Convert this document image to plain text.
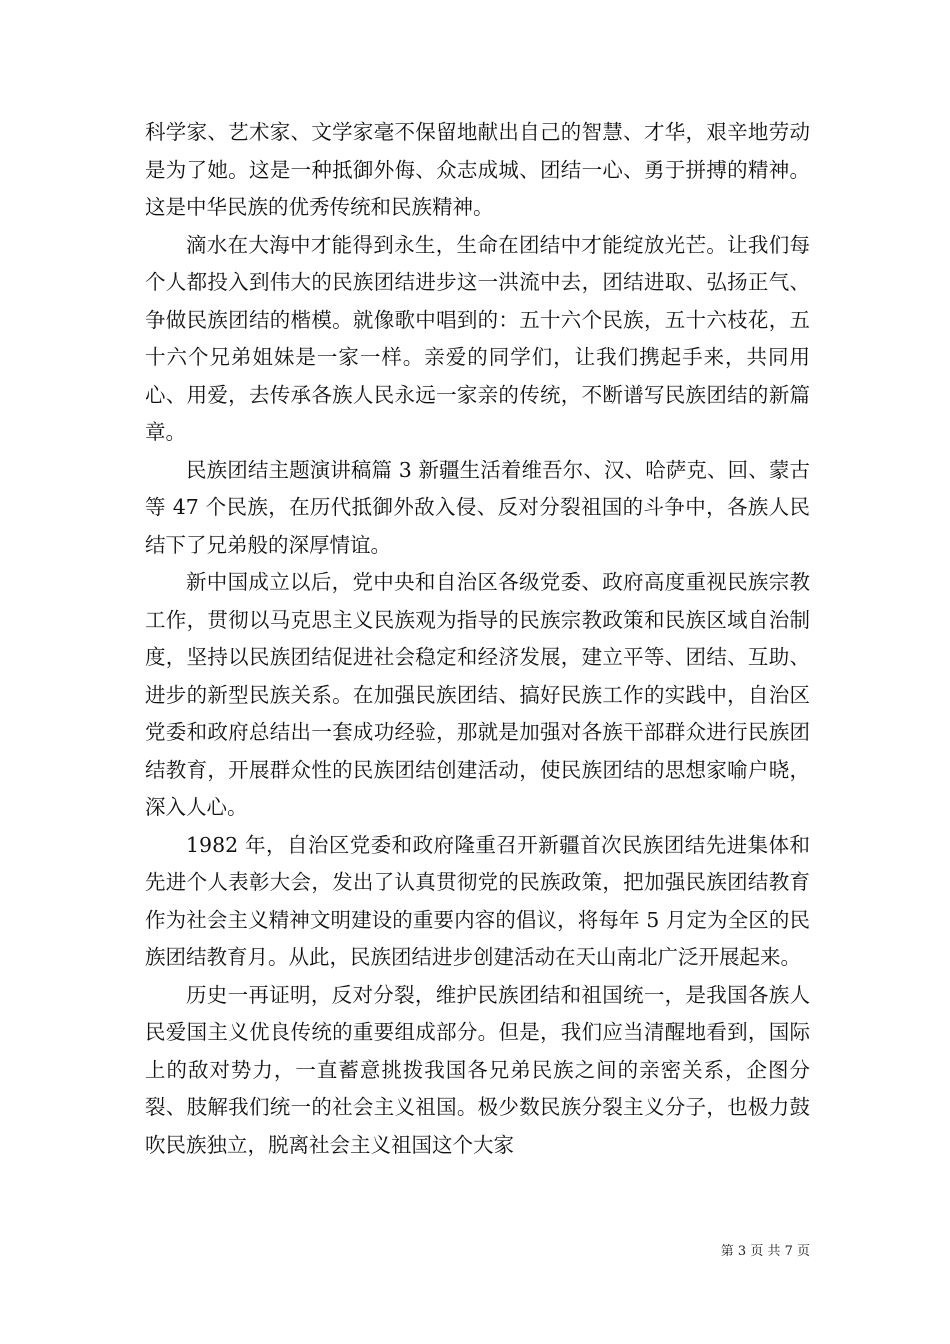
科学家、艺术家、文学家毫不保留地献出自己的智慧、才华，艰辛地劳动是为了她。这是一种抵御外侮、众志成城、团结一心、勇于拼搏的精神。这是中华民族的优秀传统和民族精神。

滴水在大海中才能得到永生，生命在团结中才能绽放光芒。让我们每个人都投入到伟大的民族团结进步这一洪流中去，团结进取、弘扬正气、争做民族团结的楷模。就像歌中唱到的：五十六个民族，五十六枝花，五十六个兄弟姐妹是一家一样。亲爱的同学们，让我们携起手来，共同用心、用爱，去传承各族人民永远一家亲的传统，不断谱写民族团结的新篇章。

民族团结主题演讲稿篇 3 新疆生活着维吾尔、汉、哈萨克、回、蒙古等 47 个民族，在历代抵御外敌入侵、反对分裂祖国的斗争中，各族人民结下了兄弟般的深厚情谊。

新中国成立以后，党中央和自治区各级党委、政府高度重视民族宗教工作，贯彻以马克思主义民族观为指导的民族宗教政策和民族区域自治制度，坚持以民族团结促进社会稳定和经济发展，建立平等、团结、互助、进步的新型民族关系。在加强民族团结、搞好民族工作的实践中，自治区党委和政府总结出一套成功经验，那就是加强对各族干部群众进行民族团结教育，开展群众性的民族团结创建活动，使民族团结的思想家喻户晓，深入人心。

1982 年，自治区党委和政府隆重召开新疆首次民族团结先进集体和先进个人表彰大会，发出了认真贯彻党的民族政策，把加强民族团结教育作为社会主义精神文明建设的重要内容的倡议，将每年 5 月定为全区的民族团结教育月。从此，民族团结进步创建活动在天山南北广泛开展起来。

历史一再证明，反对分裂，维护民族团结和祖国统一，是我国各族人民爱国主义优良传统的重要组成部分。但是，我们应当清醒地看到，国际上的敌对势力，一直蓄意挑拨我国各兄弟民族之间的亲密关系，企图分裂、肢解我们统一的社会主义祖国。极少数民族分裂主义分子，也极力鼓吹民族独立，脱离社会主义祖国这个大家

第 3 页 共 7 页
